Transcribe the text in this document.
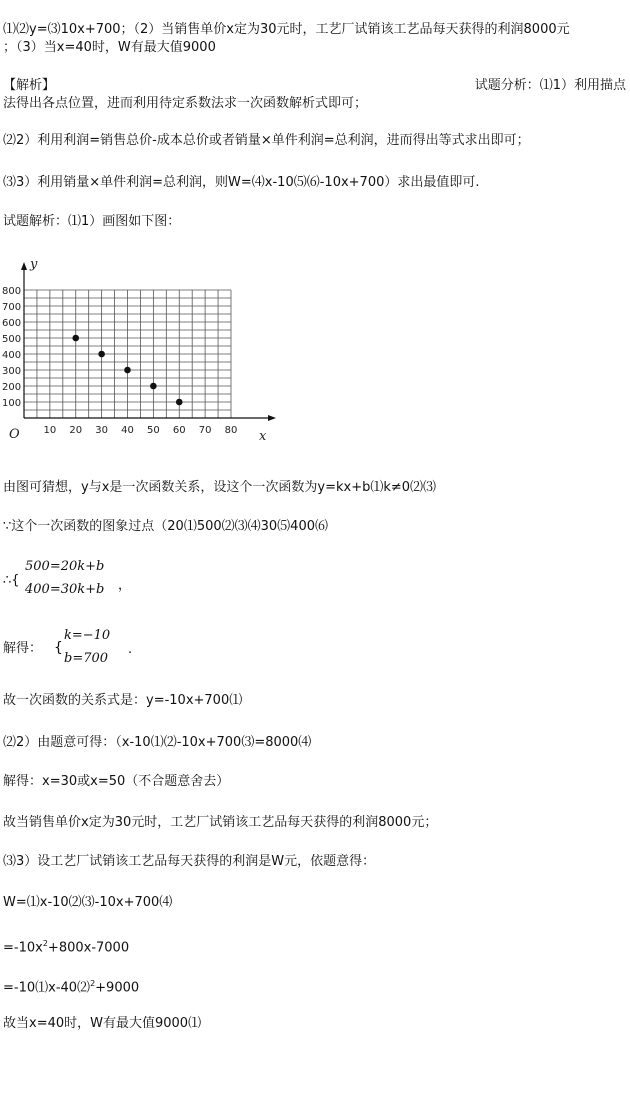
⑴⑵y=⑶10x+700；（2）当销售单价x定为30元时，工艺厂试销该工艺品每天获得的利润8000元
；（3）当x=40时，W有最大值9000
【解析】	试题分析：⑴1）利用描点
法得出各点位置，进而利用待定系数法求一次函数解析式即可；
⑵2）利用利润=销售总价-成本总价或者销量×单件利润=总利润，进而得出等式求出即可；
⑶3）利用销量×单件利润=总利润，则W=⑷x-10⑸⑹-10x+700）求出最值即可.
试题解析：⑴1）画图如下图：
100
200
300
400
500
600
700
800
10 20 30 40 50 60 70 80
y
x
O
由图可猜想，y与x是一次函数关系，设这个一次函数为y=kx+b⑴k≠0⑵⑶
∵这个一次函数的图象过点（20⑴500⑵⑶⑷30⑸400⑹
∴{
500=20k+b
400=30k+b ，
解得： {
k=−10
b=700
.
故一次函数的关系式是：y=-10x+700⑴
⑵2）由题意可得：（x-10⑴⑵-10x+700⑶=8000⑷
解得：x=30或x=50（不合题意舍去）
故当销售单价x定为30元时，工艺厂试销该工艺品每天获得的利润8000元；
⑶3）设工艺厂试销该工艺品每天获得的利润是W元，依题意得：
W=⑴x-10⑵⑶-10x+700⑷
$=-10x^2+800x-7000$
=-10⑴x-40⑵$^2$+9000
故当x=40时，W有最大值9000⑴
